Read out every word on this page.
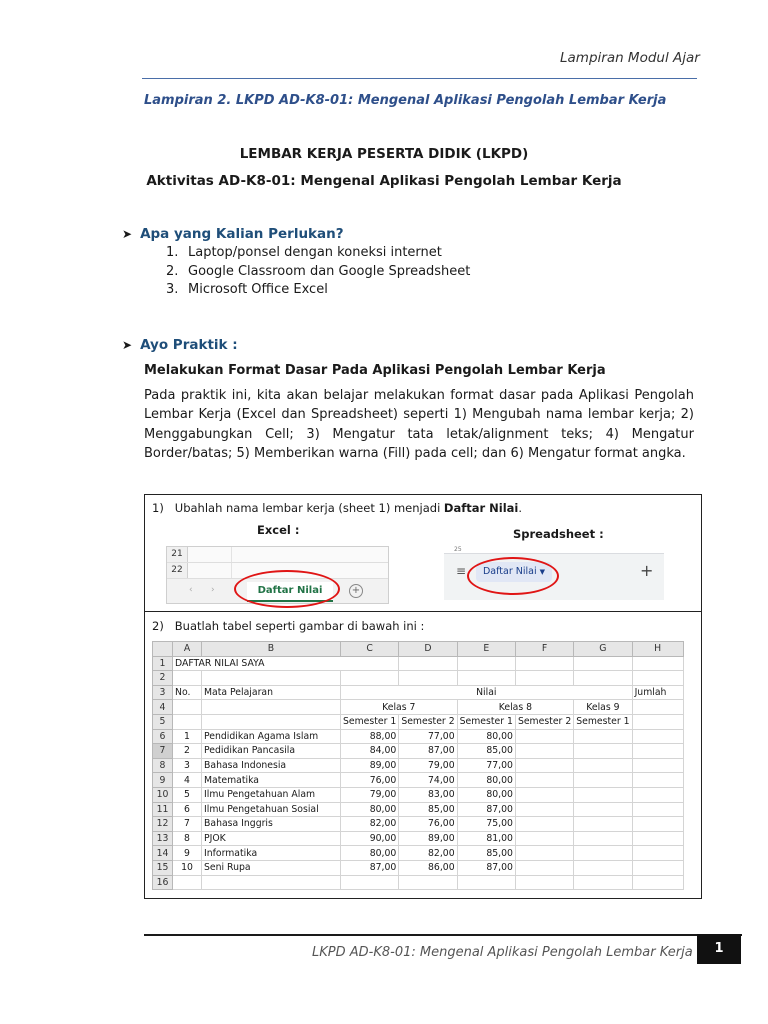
Lampiran Modul Ajar
Lampiran 2. LKPD AD-K8-01: Mengenal Aplikasi Pengolah Lembar Kerja
LEMBAR KERJA PESERTA DIDIK (LKPD)
Aktivitas AD-K8-01: Mengenal Aplikasi Pengolah Lembar Kerja
➤ Apa yang Kalian Perlukan?
1. Laptop/ponsel dengan koneksi internet
2. Google Classroom dan Google Spreadsheet
3. Microsoft Office Excel
➤ Ayo Praktik :
Melakukan Format Dasar Pada Aplikasi Pengolah Lembar Kerja
Pada praktik ini, kita akan belajar melakukan format dasar pada Aplikasi Pengolah Lembar Kerja (Excel dan Spreadsheet) seperti 1) Mengubah nama lembar kerja; 2) Menggabungkan Cell; 3) Mengatur tata letak/alignment teks; 4) Mengatur Border/batas; 5) Memberikan warna (Fill) pada cell; dan 6) Mengatur format angka.
1) Ubahlah nama lembar kerja (sheet 1) menjadi Daftar Nilai.
Excel :	Spreadsheet :
21
22
‹ ›	Daftar Nilai	+
25
≡	Daftar Nilai ▼	+
2) Buatlah tabel seperti gambar di bawah ini :
	A	B	C	D	E	F	G	H
1	DAFTAR NILAI SAYA							
2								
3	No.	Mata Pelajaran	Nilai					Jumlah
4			Kelas 7		Kelas 8		Kelas 9	
5			Semester 1	Semester 2	Semester 1	Semester 2	Semester 1	
6	1	Pendidikan Agama Islam	88,00	77,00	80,00			
7	2	Pedidikan Pancasila	84,00	87,00	85,00			
8	3	Bahasa Indonesia	89,00	79,00	77,00			
9	4	Matematika	76,00	74,00	80,00			
10	5	Ilmu Pengetahuan Alam	79,00	83,00	80,00			
11	6	Ilmu Pengetahuan Sosial	80,00	85,00	87,00			
12	7	Bahasa Inggris	82,00	76,00	75,00			
13	8	PJOK	90,00	89,00	81,00			
14	9	Informatika	80,00	82,00	85,00			
15	10	Seni Rupa	87,00	86,00	87,00			
16								
LKPD AD-K8-01: Mengenal Aplikasi Pengolah Lembar Kerja	1
